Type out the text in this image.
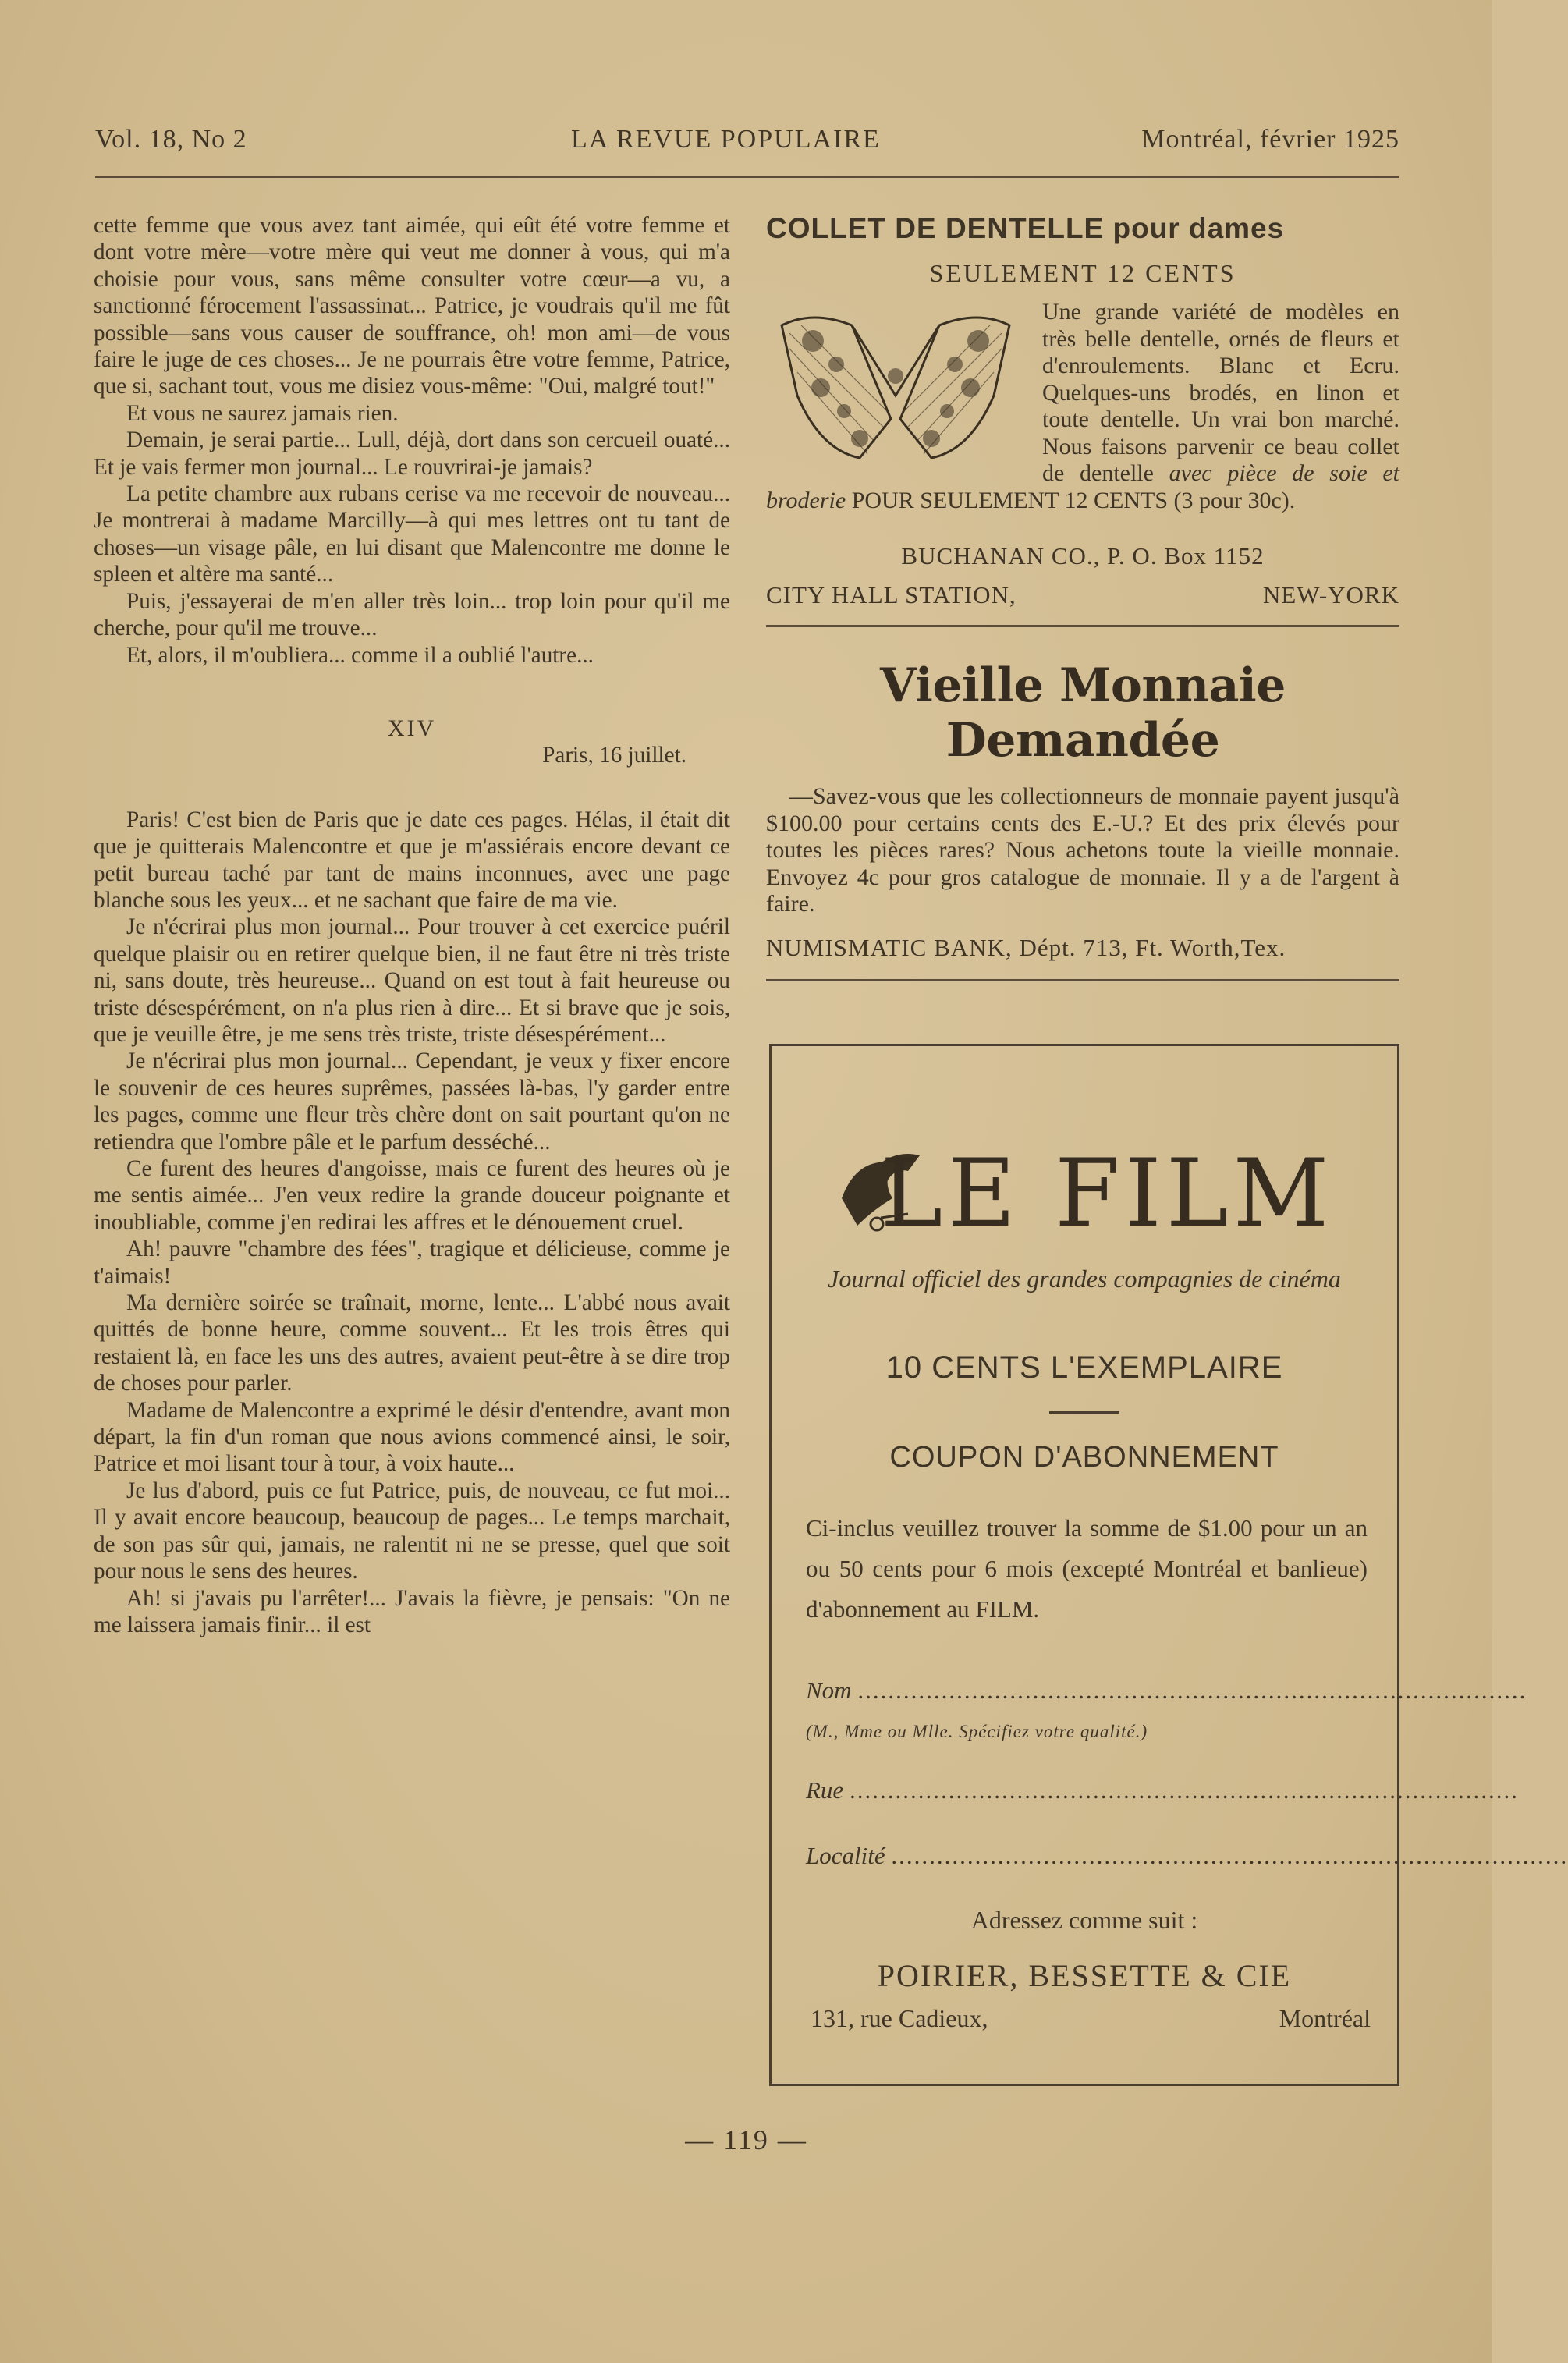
Vol. 18, No 2	LA REVUE POPULAIRE	Montréal, février 1925

cette femme que vous avez tant aimée, qui eût été votre femme et dont votre mère—votre mère qui veut me donner à vous, qui m'a choisie pour vous, sans même consulter votre cœur—a vu, a sanctionné férocement l'assassinat... Patrice, je voudrais qu'il me fût possible—sans vous causer de souffrance, oh! mon ami—de vous faire le juge de ces choses... Je ne pourrais être votre femme, Patrice, que si, sachant tout, vous me disiez vous-même: "Oui, malgré tout!"

Et vous ne saurez jamais rien.

Demain, je serai partie... Lull, déjà, dort dans son cercueil ouaté... Et je vais fermer mon journal... Le rouvrirai-je jamais?

La petite chambre aux rubans cerise va me recevoir de nouveau... Je montrerai à madame Marcilly—à qui mes lettres ont tu tant de choses—un visage pâle, en lui disant que Malencontre me donne le spleen et altère ma santé...

Puis, j'essayerai de m'en aller très loin... trop loin pour qu'il me cherche, pour qu'il me trouve...

Et, alors, il m'oubliera... comme il a oublié l'autre...

XIV
Paris, 16 juillet.

Paris! C'est bien de Paris que je date ces pages. Hélas, il était dit que je quitterais Malencontre et que je m'assiérais encore devant ce petit bureau taché par tant de mains inconnues, avec une page blanche sous les yeux... et ne sachant que faire de ma vie.

Je n'écrirai plus mon journal... Pour trouver à cet exercice puéril quelque plaisir ou en retirer quelque bien, il ne faut être ni très triste ni, sans doute, très heureuse... Quand on est tout à fait heureuse ou triste désespérément, on n'a plus rien à dire... Et si brave que je sois, que je veuille être, je me sens très triste, triste désespérément...

Je n'écrirai plus mon journal... Cependant, je veux y fixer encore le souvenir de ces heures suprêmes, passées là-bas, l'y garder entre les pages, comme une fleur très chère dont on sait pourtant qu'on ne retiendra que l'ombre pâle et le parfum desséché...

Ce furent des heures d'angoisse, mais ce furent des heures où je me sentis aimée... J'en veux redire la grande douceur poignante et inoubliable, comme j'en redirai les affres et le dénouement cruel.

Ah! pauvre "chambre des fées", tragique et délicieuse, comme je t'aimais!

Ma dernière soirée se traînait, morne, lente... L'abbé nous avait quittés de bonne heure, comme souvent... Et les trois êtres qui restaient là, en face les uns des autres, avaient peut-être à se dire trop de choses pour parler.

Madame de Malencontre a exprimé le désir d'entendre, avant mon départ, la fin d'un roman que nous avions commencé ainsi, le soir, Patrice et moi lisant tour à tour, à voix haute...

Je lus d'abord, puis ce fut Patrice, puis, de nouveau, ce fut moi... Il y avait encore beaucoup, beaucoup de pages... Le temps marchait, de son pas sûr qui, jamais, ne ralentit ni ne se presse, quel que soit pour nous le sens des heures.

Ah! si j'avais pu l'arrêter!... J'avais la fièvre, je pensais: "On ne me laissera jamais finir... il est

COLLET DE DENTELLE pour dames
SEULEMENT 12 CENTS
Une grande variété de modèles en très belle dentelle, ornés de fleurs et d'enroulements. Blanc et Ecru. Quelques-uns brodés, en linon et toute dentelle. Un vrai bon marché. Nous faisons parvenir ce beau collet de dentelle avec pièce de soie et broderie POUR SEULEMENT 12 CENTS (3 pour 30c).
BUCHANAN CO., P. O. Box 1152
CITY HALL STATION,	NEW-YORK
Vieille Monnaie Demandée

—Savez-vous que les collectionneurs de monnaie payent jusqu'à $100.00 pour certains cents des E.-U.? Et des prix élevés pour toutes les pièces rares? Nous achetons toute la vieille monnaie. Envoyez 4c pour gros catalogue de monnaie. Il y a de l'argent à faire.

NUMISMATIC BANK, Dépt. 713, Ft. Worth,Tex.
LE FILM
Journal officiel des grandes compagnies de cinéma
10 CENTS L'EXEMPLAIRE
COUPON D'ABONNEMENT
Ci-inclus veuillez trouver la somme de $1.00 pour un an ou 50 cents pour 6 mois (excepté Montréal et banlieue) d'abonnement au FILM.
Nom ........................................................................................
(M., Mme ou Mlle. Spécifiez votre qualité.)
Rue ........................................................................................
Localité .........................................................................................
Adressez comme suit :
POIRIER, BESSETTE & CIE
131, rue Cadieux,	Montréal
— 119 —
